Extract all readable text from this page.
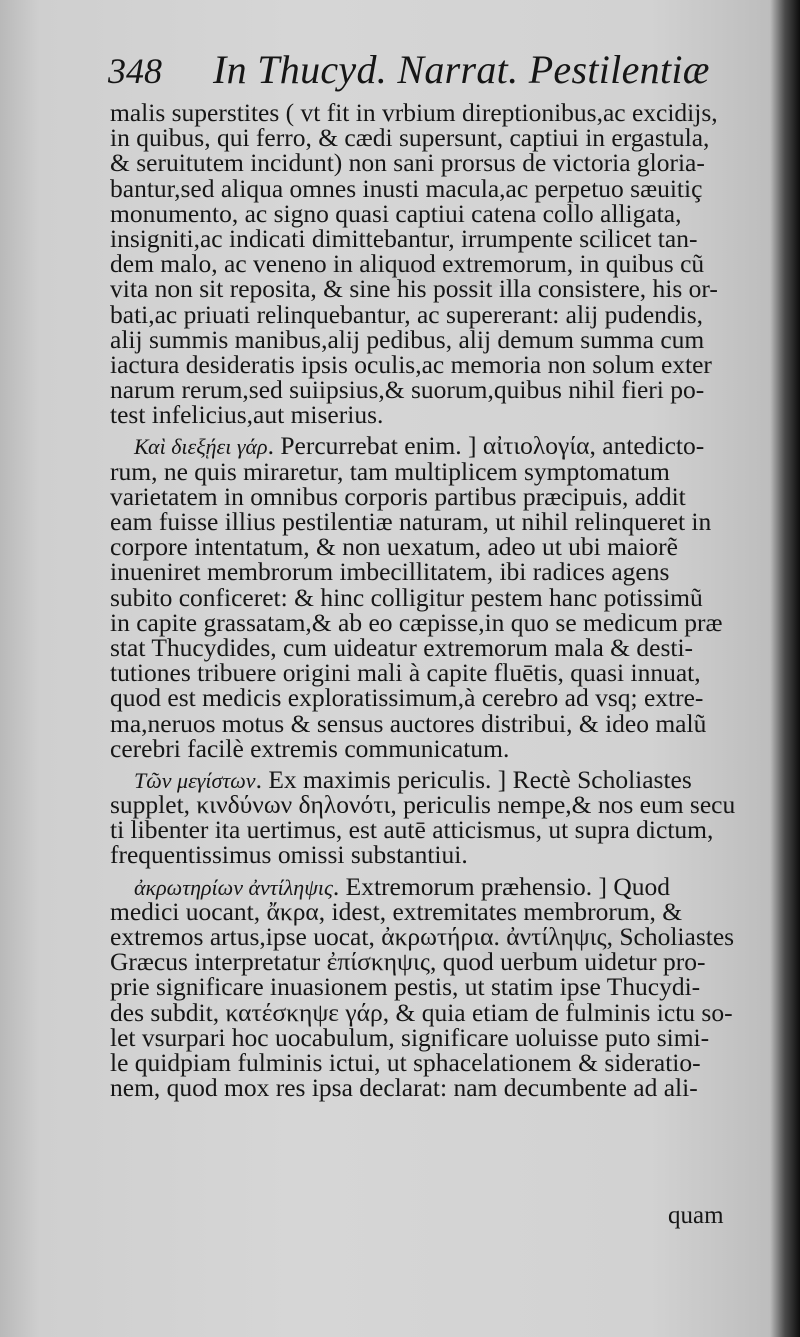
348 In Thucyd. Narrat. Pestilentiæ
malis superstites ( vt fit in vrbium direptionibus,ac excidijs,
in quibus, qui ferro, & cædi supersunt, captiui in ergastula,
& seruitutem incidunt) non sani prorsus de victoria gloria-
bantur,sed aliqua omnes inusti macula,ac perpetuo sæuitiç
monumento, ac signo quasi captiui catena collo alligata,
insigniti,ac indicati dimittebantur, irrumpente scilicet tan-
dem malo, ac veneno in aliquod extremorum, in quibus cũ
vita non sit reposita, & sine his possit illa consistere, his or-
bati,ac priuati relinquebantur, ac supererant: alij pudendis,
alij summis manibus,alij pedibus, alij demum summa cum
iactura desideratis ipsis oculis,ac memoria non solum exter
narum rerum,sed suiipsius,& suorum,quibus nihil fieri po-
test infelicius,aut miserius.
Καὶ διεξῄει γάρ. Percurrebat enim. ] αἰτιολογία, antedicto-
rum, ne quis miraretur, tam multiplicem symptomatum
varietatem in omnibus corporis partibus præcipuis, addit
eam fuisse illius pestilentiæ naturam, ut nihil relinqueret in
corpore intentatum, & non uexatum, adeo ut ubi maiorẽ
inueniret membrorum imbecillitatem, ibi radices agens
subito conficeret: & hinc colligitur pestem hanc potissimũ
in capite grassatam,& ab eo cæpisse,in quo se medicum præ
stat Thucydides, cum uideatur extremorum mala & desti-
tutiones tribuere origini mali à capite fluētis, quasi innuat,
quod est medicis exploratissimum,à cerebro ad vsq; extre-
ma,neruos motus & sensus auctores distribui, & ideo malũ
cerebri facilè extremis communicatum.
Τῶν μεγίστων. Ex maximis periculis. ] Rectè Scholiastes
supplet, κινδύνων δηλονότι, periculis nempe,& nos eum secu
ti libenter ita uertimus, est autē atticismus, ut supra dictum,
frequentissimus omissi substantiui.
ἀκρωτηρίων ἀντίληψις. Extremorum præhensio. ] Quod
medici uocant, ἄκρα, idest, extremitates membrorum, &
extremos artus,ipse uocat, ἀκρωτήρια. ἀντίληψις, Scholiastes
Græcus interpretatur ἐπίσκηψις, quod uerbum uidetur pro-
prie significare inuasionem pestis, ut statim ipse Thucydi-
des subdit, κατέσκηψε γάρ, & quia etiam de fulminis ictu so-
let vsurpari hoc uocabulum, significare uoluisse puto simi-
le quidpiam fulminis ictui, ut sphacelationem & sideratio-
nem, quod mox res ipsa declarat: nam decumbente ad ali-
quam
